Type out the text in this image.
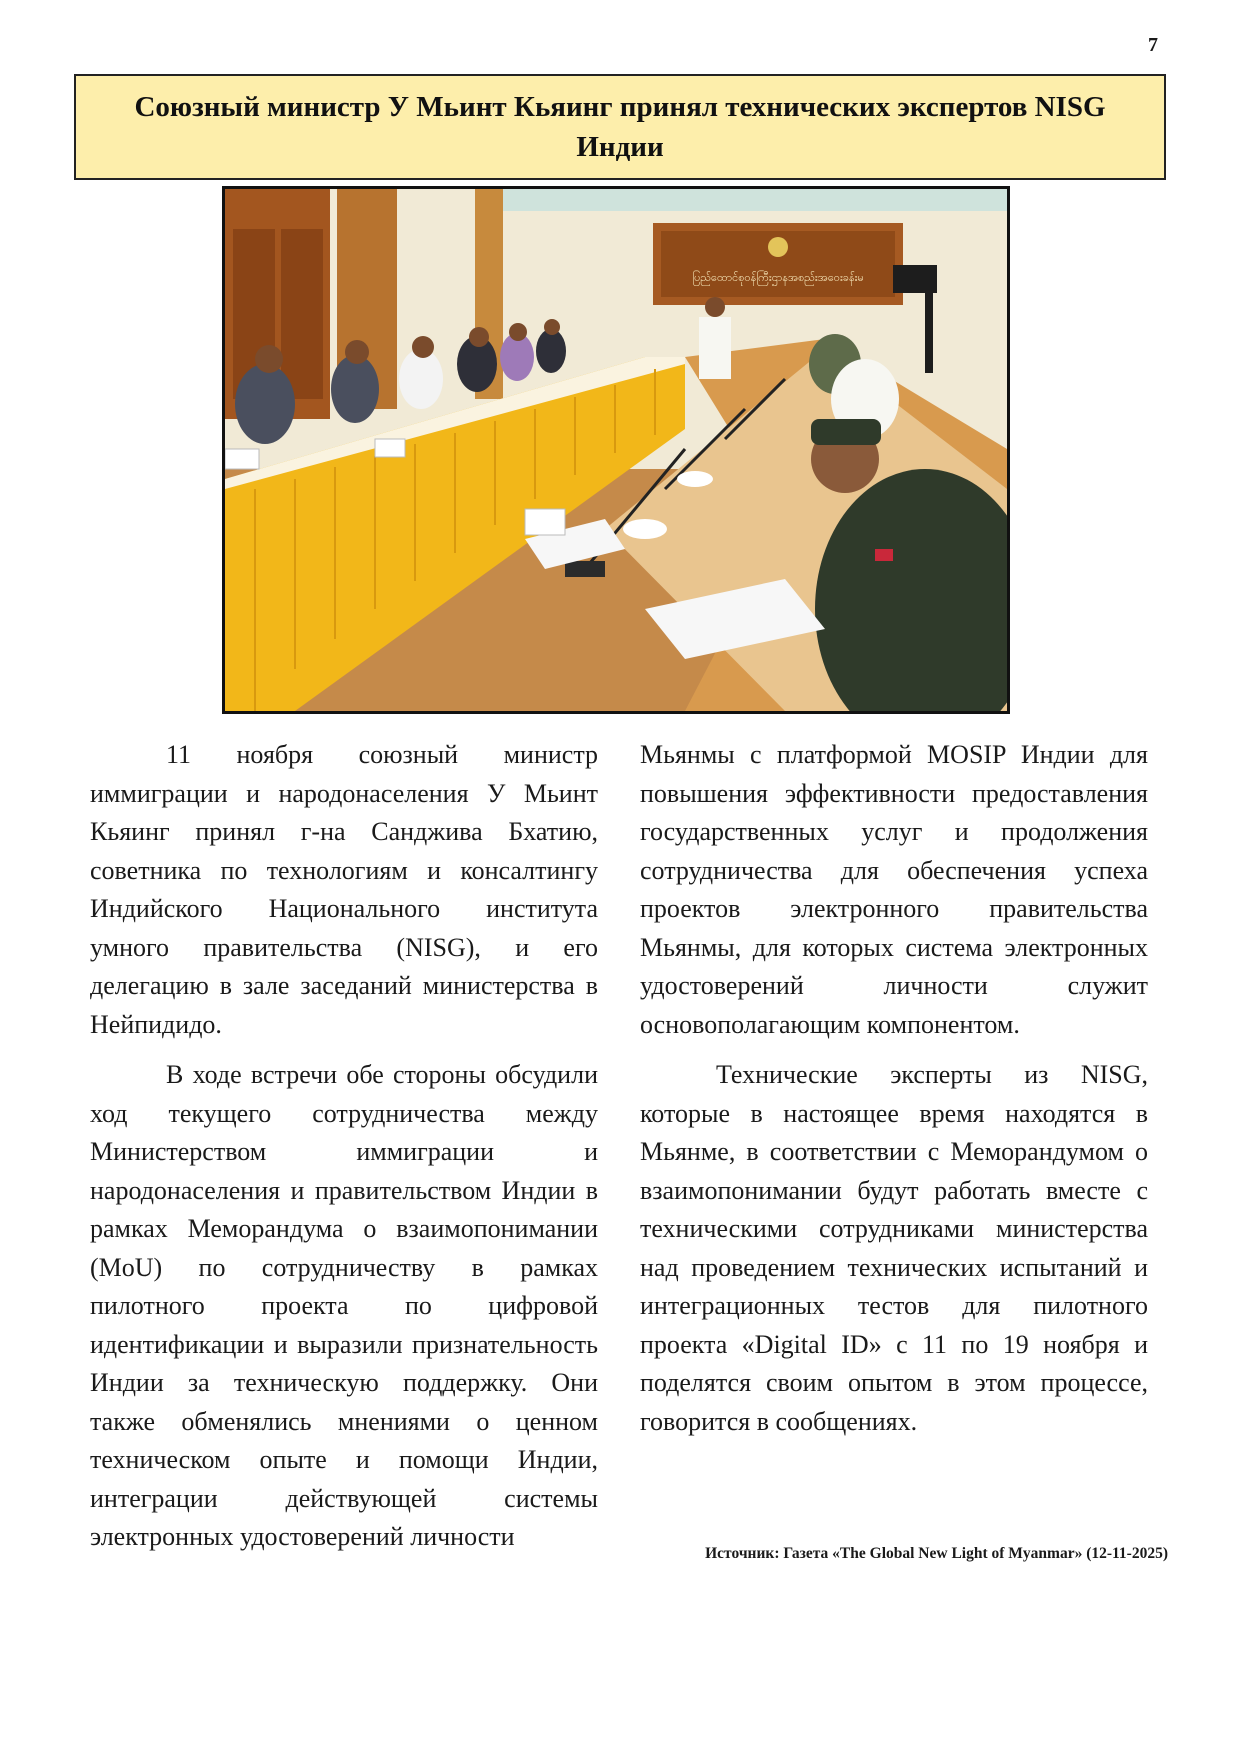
7
Союзный министр У Мьинт Кьяинг принял технических экспертов NISG Индии
ပြည်ထောင်စုဝန်ကြီးဌာနအစည်းအဝေးခန်းမ

11 ноября союзный министр иммиграции и народонаселения У Мьинт Кьяинг принял г-на Санджива Бхатию, советника по технологиям и консалтингу Индийского Национального института умного правительства (NISG), и его делегацию в зале заседаний министерства в Нейпидидо.

В ходе встречи обе стороны обсудили ход текущего сотрудничества между Министерством иммиграции и народонаселения и правительством Индии в рамках Меморандума о взаимопонимании (MoU) по сотрудничеству в рамках пилотного проекта по цифровой идентификации и выразили признательность Индии за техническую поддержку. Они также обменялись мнениями о ценном техническом опыте и помощи Индии, интеграции действующей системы электронных удостоверений личности

Мьянмы с платформой MOSIP Индии для повышения эффективности предоставления государственных услуг и продолжения сотрудничества для обеспечения успеха проектов электронного правительства Мьянмы, для которых система электронных удостоверений личности служит основополагающим компонентом.

Технические эксперты из NISG, которые в настоящее время находятся в Мьянме, в соответствии с Меморандумом о взаимопонимании будут работать вместе с техническими сотрудниками министерства над проведением технических испытаний и интеграционных тестов для пилотного проекта «Digital ID» с 11 по 19 ноября и поделятся своим опытом в этом процессе, говорится в сообщениях.

Источник: Газета «The Global New Light of Myanmar» (12-11-2025)
